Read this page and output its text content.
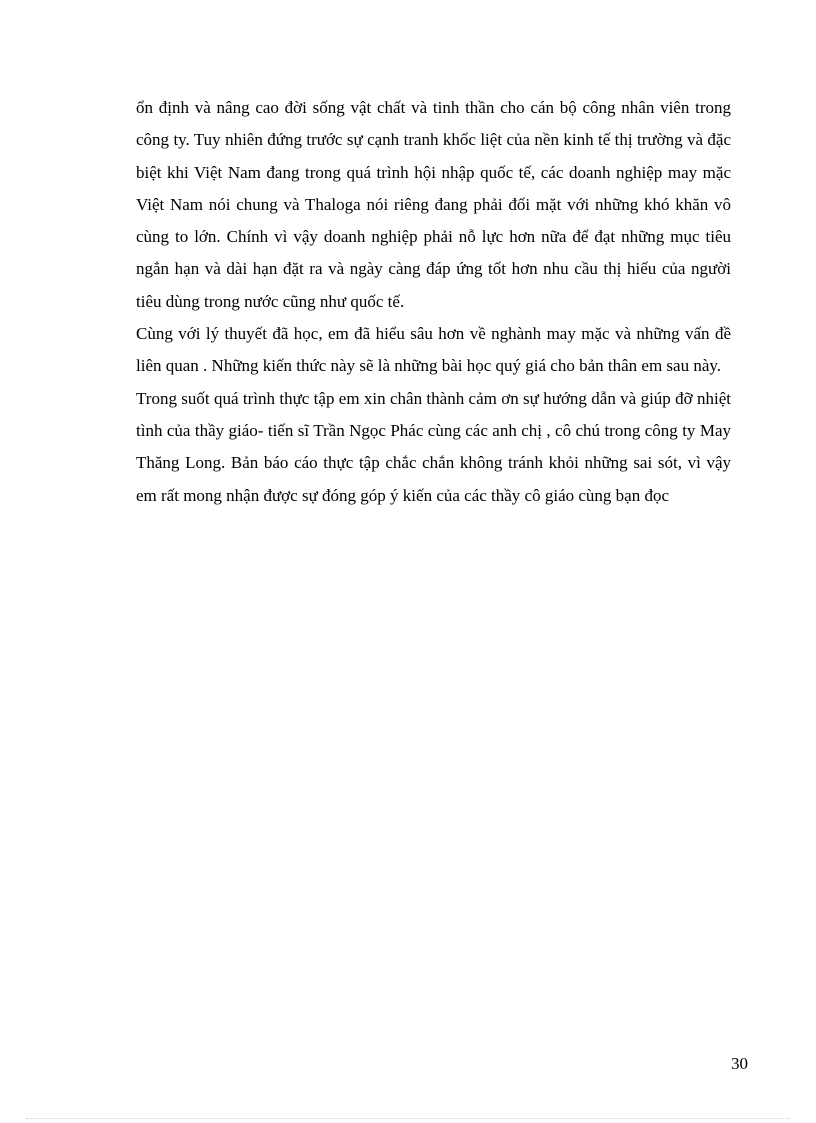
ổn định và nâng cao đời sống vật chất và tinh thần cho cán bộ công nhân viên trong công ty. Tuy nhiên đứng trước sự cạnh tranh khốc liệt của nền kinh tế thị trường và đặc biệt khi Việt Nam đang trong quá trình hội nhập quốc tế, các doanh nghiệp may mặc Việt Nam nói chung và Thaloga nói riêng đang phải đối mặt với những khó khăn vô cùng to lớn. Chính vì vậy doanh nghiệp phải nỗ lực hơn nữa để đạt những mục tiêu ngắn hạn và dài hạn đặt ra và ngày càng đáp ứng tốt hơn nhu cầu thị hiếu của người tiêu dùng trong nước cũng như quốc tế.

Cùng với lý thuyết đã học, em đã hiểu sâu hơn về nghành may mặc và những vấn đề liên quan . Những kiến thức này sẽ là những bài học quý giá cho bản thân em sau này.

Trong suốt quá trình thực tập em xin chân thành cảm ơn sự hướng dẫn và giúp đỡ nhiệt tình của thầy giáo- tiến sĩ Trần Ngọc Phác cùng các anh chị , cô chú trong công ty May Thăng Long. Bản báo cáo thực tập chắc chắn không tránh khỏi những sai sót, vì vậy em rất mong nhận được sự đóng góp ý kiến của các thầy cô giáo cùng bạn đọc

30
